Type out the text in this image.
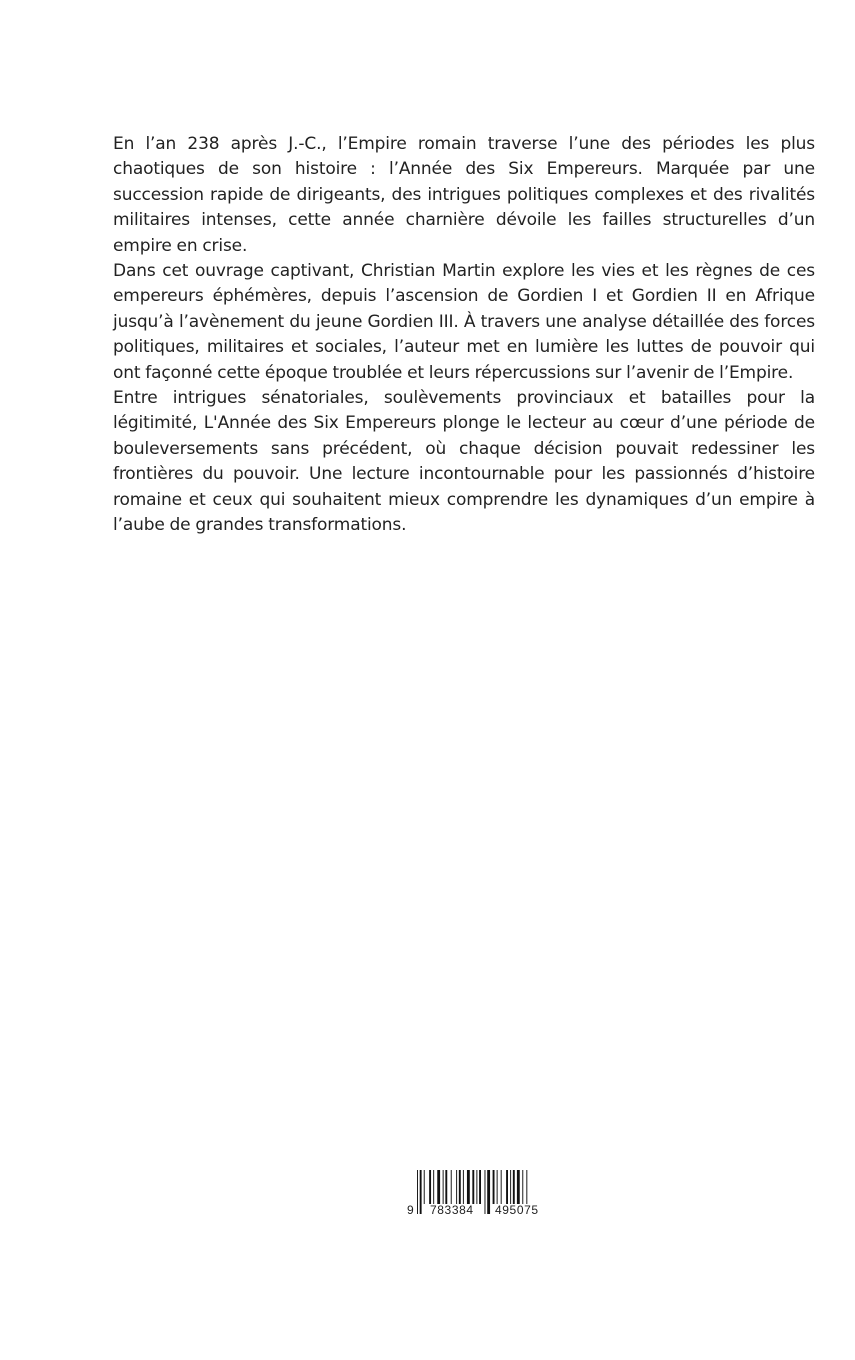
En l’an 238 après J.-C., l’Empire romain traverse l’une des périodes les plus chaotiques de son histoire : l’Année des Six Empereurs. Marquée par une succession rapide de dirigeants, des intrigues politiques complexes et des rivalités militaires intenses, cette année charnière dévoile les failles structurelles d’un empire en crise.

Dans cet ouvrage captivant, Christian Martin explore les vies et les règnes de ces empereurs éphémères, depuis l’ascension de Gordien I et Gordien II en Afrique jusqu’à l’avènement du jeune Gordien III. À travers une analyse détaillée des forces politiques, militaires et sociales, l’auteur met en lumière les luttes de pouvoir qui ont façonné cette époque troublée et leurs répercussions sur l’avenir de l’Empire.

Entre intrigues sénatoriales, soulèvements provinciaux et batailles pour la légitimité, L'Année des Six Empereurs plonge le lecteur au cœur d’une période de bouleversements sans précédent, où chaque décision pouvait redessiner les frontières du pouvoir. Une lecture incontournable pour les passionnés d’histoire romaine et ceux qui souhaitent mieux comprendre les dynamiques d’un empire à l’aube de grandes transformations.

9 783384 495075
